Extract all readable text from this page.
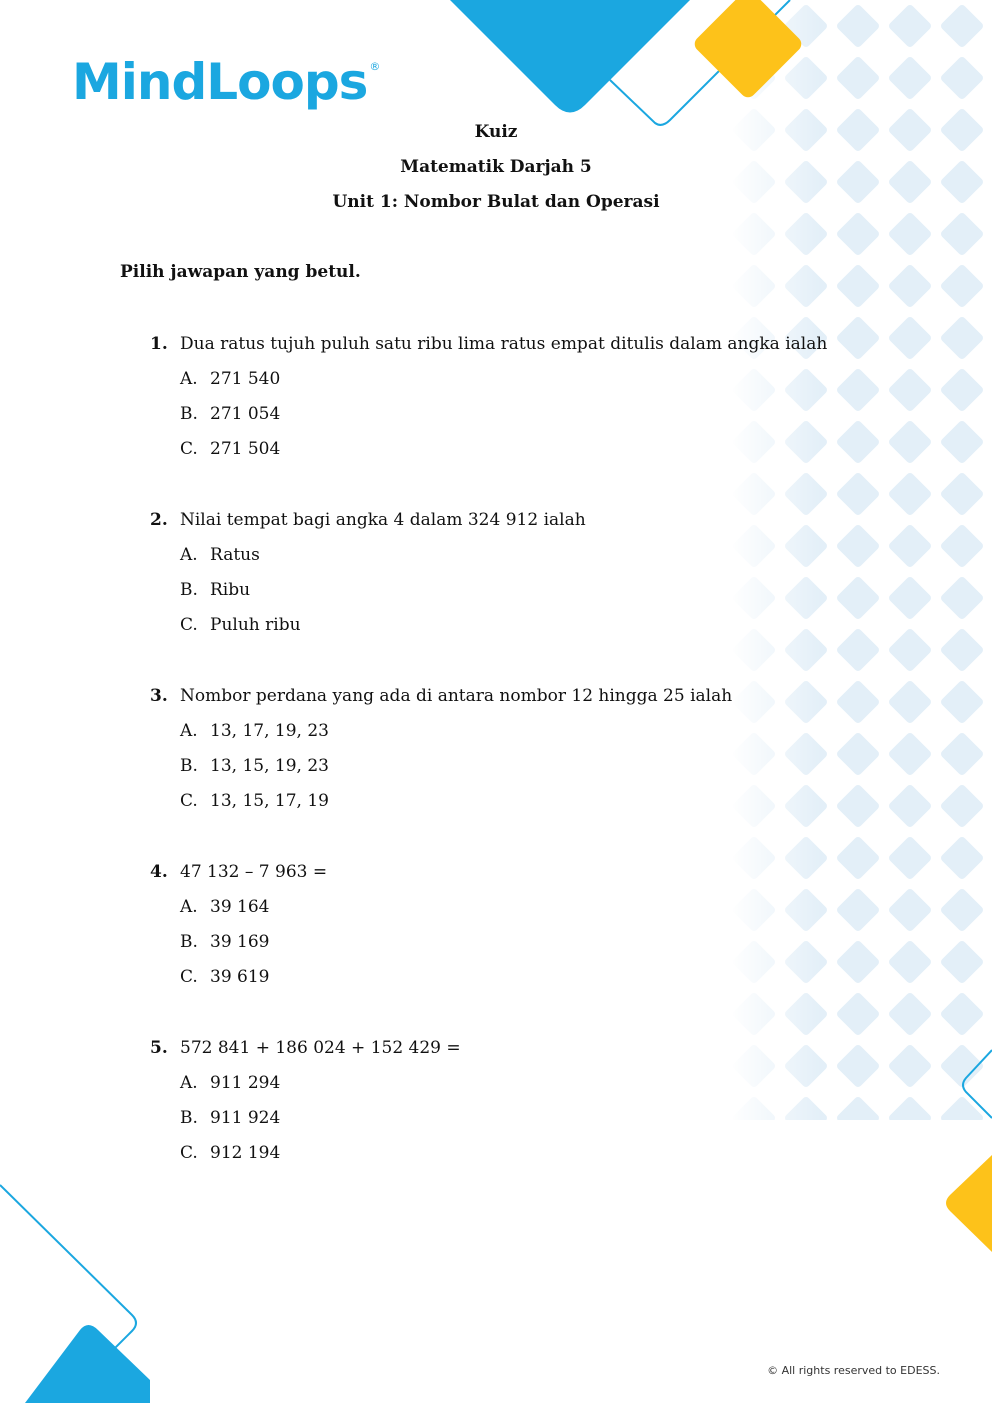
MindLoops ®
Kuiz
Matematik Darjah 5
Unit 1: Nombor Bulat dan Operasi
Pilih jawapan yang betul.
1. Dua ratus tujuh puluh satu ribu lima ratus empat ditulis dalam angka ialah
A. 271 540
B. 271 054
C. 271 504
2. Nilai tempat bagi angka 4 dalam 324 912 ialah
A. Ratus
B. Ribu
C. Puluh ribu
3. Nombor perdana yang ada di antara nombor 12 hingga 25 ialah
A. 13, 17, 19, 23
B. 13, 15, 19, 23
C. 13, 15, 17, 19
4. 47 132 – 7 963 =
A. 39 164
B. 39 169
C. 39 619
5. 572 841 + 186 024 + 152 429 =
A. 911 294
B. 911 924
C. 912 194
© All rights reserved to EDESS.
